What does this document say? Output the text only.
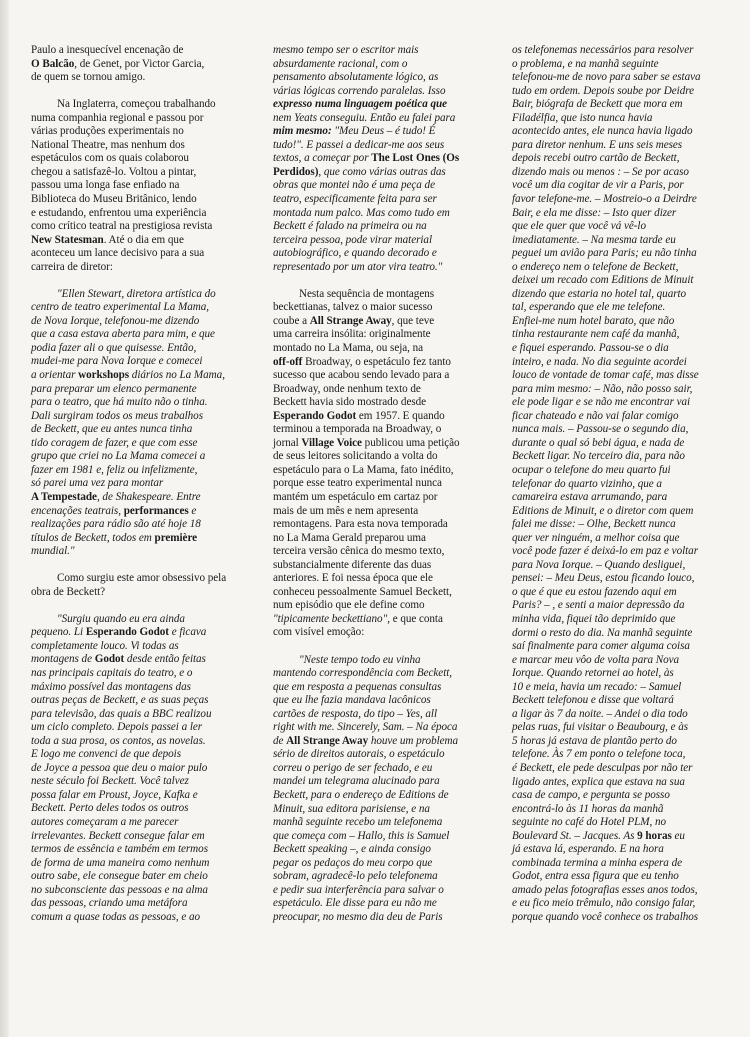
Paulo a inesquecível encenação de
O Balcão, de Genet, por Victor Garcia,
de quem se tornou amigo.

Na Inglaterra, começou trabalhando
numa companhia regional e passou por
várias produções experimentais no
National Theatre, mas nenhum dos
espetáculos com os quais colaborou
chegou a satisfazê-lo. Voltou a pintar,
passou uma longa fase enfiado na
Biblioteca do Museu Britânico, lendo
e estudando, enfrentou uma experiência
como crítico teatral na prestigiosa revista
New Statesman. Até o dia em que
aconteceu um lance decisivo para a sua
carreira de diretor:

"Ellen Stewart, diretora artística do
centro de teatro experimental La Mama,
de Nova Iorque, telefonou-me dizendo
que a casa estava aberta para mim, e que
podia fazer ali o que quisesse. Então,
mudei-me para Nova Iorque e comecei
a orientar workshops diários no La Mama,
para preparar um elenco permanente
para o teatro, que há muito não o tinha.
Dali surgiram todos os meus trabalhos
de Beckett, que eu antes nunca tinha
tido coragem de fazer, e que com esse
grupo que criei no La Mama comecei a
fazer em 1981 e, feliz ou infelizmente,
só parei uma vez para montar
A Tempestade, de Shakespeare. Entre
encenações teatrais, performances e
realizações para rádio são até hoje 18
títulos de Beckett, todos em première
mundial."

Como surgiu este amor obsessivo pela
obra de Beckett?

"Surgiu quando eu era ainda
pequeno. Li Esperando Godot e ficava
completamente louco. Vi todas as
montagens de Godot desde então feitas
nas principais capitais do teatro, e o
máximo possível das montagens das
outras peças de Beckett, e as suas peças
para televisão, das quais a BBC realizou
um ciclo completo. Depois passei a ler
toda a sua prosa, os contos, as novelas.
E logo me convenci de que depois
de Joyce a pessoa que deu o maior pulo
neste século foi Beckett. Você talvez
possa falar em Proust, Joyce, Kafka e
Beckett. Perto deles todos os outros
autores começaram a me parecer
irrelevantes. Beckett consegue falar em
termos de essência e também em termos
de forma de uma maneira como nenhum
outro sabe, ele consegue bater em cheio
no subconsciente das pessoas e na alma
das pessoas, criando uma metáfora
comum a quase todas as pessoas, e ao

mesmo tempo ser o escritor mais
absurdamente racional, com o
pensamento absolutamente lógico, as
várias lógicas correndo paralelas. Isso
expresso numa linguagem poética que
nem Yeats conseguiu. Então eu falei para
mim mesmo: "Meu Deus – é tudo! É
tudo!". E passei a dedicar-me aos seus
textos, a começar por The Lost Ones (Os
Perdidos), que como várias outras das
obras que montei não é uma peça de
teatro, especificamente feita para ser
montada num palco. Mas como tudo em
Beckett é falado na primeira ou na
terceira pessoa, pode virar material
autobiográfico, e quando decorado e
representado por um ator vira teatro."

Nesta sequência de montagens
beckettianas, talvez o maior sucesso
coube a All Strange Away, que teve
uma carreira insólita: originalmente
montado no La Mama, ou seja, na
off-off Broadway, o espetáculo fez tanto
sucesso que acabou sendo levado para a
Broadway, onde nenhum texto de
Beckett havia sido mostrado desde
Esperando Godot em 1957. E quando
terminou a temporada na Broadway, o
jornal Village Voice publicou uma petição
de seus leitores solicitando a volta do
espetáculo para o La Mama, fato inédito,
porque esse teatro experimental nunca
mantém um espetáculo em cartaz por
mais de um mês e nem apresenta
remontagens. Para esta nova temporada
no La Mama Gerald preparou uma
terceira versão cênica do mesmo texto,
substancialmente diferente das duas
anteriores. E foi nessa época que ele
conheceu pessoalmente Samuel Beckett,
num episódio que ele define como
"tipicamente beckettiano", e que conta
com visível emoção:

"Neste tempo todo eu vinha
mantendo correspondência com Beckett,
que em resposta a pequenas consultas
que eu lhe fazia mandava lacônicos
cartões de resposta, do tipo – Yes, all
right with me. Sincerely, Sam. – Na época
de All Strange Away houve um problema
sério de direitos autorais, o espetáculo
correu o perigo de ser fechado, e eu
mandei um telegrama alucinado para
Beckett, para o endereço de Editions de
Minuit, sua editora parisiense, e na
manhã seguinte recebo um telefonema
que começa com – Hallo, this is Samuel
Beckett speaking –, e ainda consigo
pegar os pedaços do meu corpo que
sobram, agradecê-lo pelo telefonema
e pedir sua interferência para salvar o
espetáculo. Ele disse para eu não me
preocupar, no mesmo dia deu de Paris

os telefonemas necessários para resolver
o problema, e na manhã seguinte
telefonou-me de novo para saber se estava
tudo em ordem. Depois soube por Deidre
Bair, biógrafa de Beckett que mora em
Filadélfia, que isto nunca havia
acontecido antes, ele nunca havia ligado
para diretor nenhum. E uns seis meses
depois recebi outro cartão de Beckett,
dizendo mais ou menos : – Se por acaso
você um dia cogitar de vir a Paris, por
favor telefone-me. – Mostreio-o a Deirdre
Bair, e ela me disse: – Isto quer dizer
que ele quer que você vá vê-lo
imediatamente. – Na mesma tarde eu
peguei um avião para Paris; eu não tinha
o endereço nem o telefone de Beckett,
deixei um recado com Editions de Minuit
dizendo que estaria no hotel tal, quarto
tal, esperando que ele me telefone.
Enfiei-me num hotel barato, que não
tinha restaurante nem café da manhã,
e fiquei esperando. Passou-se o dia
inteiro, e nada. No dia seguinte acordei
louco de vontade de tomar café, mas disse
para mim mesmo: – Não, não posso sair,
ele pode ligar e se não me encontrar vai
ficar chateado e não vai falar comigo
nunca mais. – Passou-se o segundo dia,
durante o qual só bebi água, e nada de
Beckett ligar. No terceiro dia, para não
ocupar o telefone do meu quarto fui
telefonar do quarto vizinho, que a
camareira estava arrumando, para
Editions de Minuit, e o diretor com quem
falei me disse: – Olhe, Beckett nunca
quer ver ninguém, a melhor coisa que
você pode fazer é deixá-lo em paz e voltar
para Nova Iorque. – Quando desliguei,
pensei: – Meu Deus, estou ficando louco,
o que é que eu estou fazendo aqui em
Paris? – , e senti a maior depressão da
minha vida, fiquei tão deprimido que
dormi o resto do dia. Na manhã seguinte
saí finalmente para comer alguma coisa
e marcar meu vôo de volta para Nova
Iorque. Quando retornei ao hotel, às
10 e meia, havia um recado: – Samuel
Beckett telefonou e disse que voltará
a ligar às 7 da noite. – Andei o dia todo
pelas ruas, fui visitar o Beaubourg, e às
5 horas já estava de plantão perto do
telefone. Às 7 em ponto o telefone toca,
é Beckett, ele pede desculpas por não ter
ligado antes, explica que estava na sua
casa de campo, e pergunta se posso
encontrá-lo às 11 horas da manhã
seguinte no café do Hotel PLM, no
Boulevard St. – Jacques. As 9 horas eu
já estava lá, esperando. E na hora
combinada termina a minha espera de
Godot, entra essa figura que eu tenho
amado pelas fotografias esses anos todos,
e eu fico meio trêmulo, não consigo falar,
porque quando você conhece os trabalhos
